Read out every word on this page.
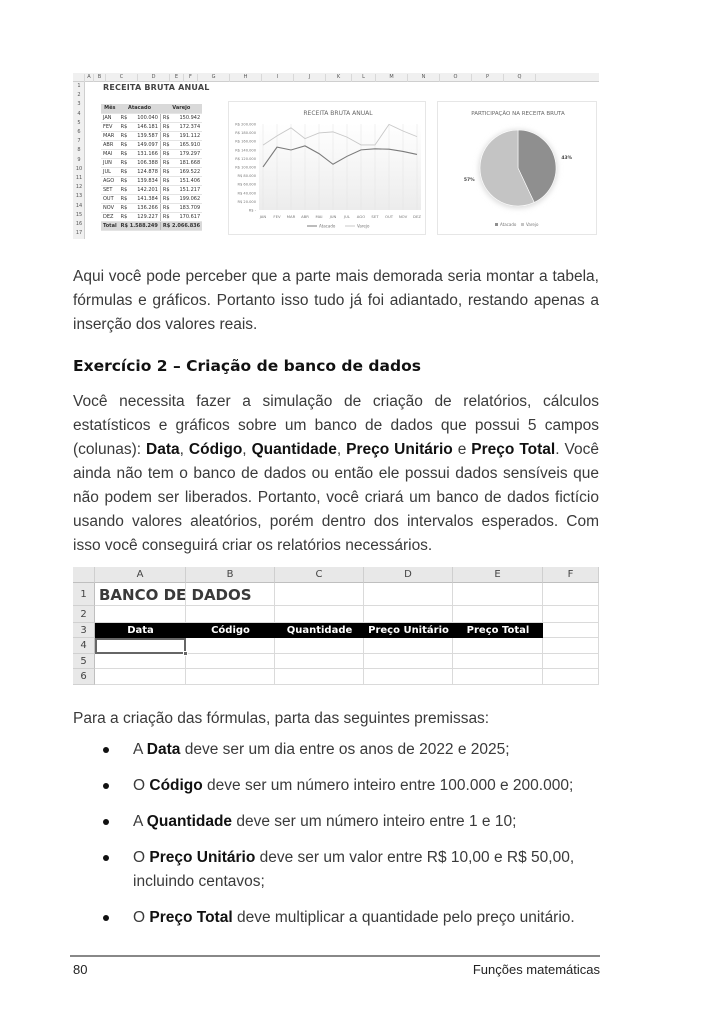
A	B	C	D	E	F	G	H	I	J	K	L	M	N	O	P	Q
1
2
3
4
5
6
7
8
9
10
11
12
13
14
15
16
17
RECEITA BRUTA ANUAL
Mês	Atacado		Varejo	
JAN	R$	100.040	R$	150.942
FEV	R$	146.181	R$	172.374
MAR	R$	139.587	R$	191.112
ABR	R$	149.097	R$	165.910
MAI	R$	131.166	R$	179.297
JUN	R$	106.388	R$	181.668
JUL	R$	124.878	R$	169.522
AGO	R$	139.834	R$	151.406
SET	R$	142.201	R$	151.217
OUT	R$	141.384	R$	199.062
NOV	R$	136.266	R$	183.709
DEZ	R$	129.227	R$	170.617
Total	R$ 1.588.249		R$ 2.066.836	
RECEITA BRUTA ANUAL
R$ 200.000
R$ 180.000
R$ 160.000
R$ 140.000
R$ 120.000
R$ 100.000
R$ 80.000
R$ 60.000
R$ 40.000
R$ 20.000
R$ -
JAN FEV MAR ABR MAI JUN JUL AGO SET OUT NOV DEZ
Atacado	Varejo
PARTICIPAÇÃO NA RECEITA BRUTA
43%
57%
Atacado Varejo

Aqui você pode perceber que a parte mais demorada seria montar a tabela, fórmulas e gráficos. Portanto isso tudo já foi adiantado, restando apenas a inserção dos valores reais.

Exercício 2 – Criação de banco de dados

Você necessita fazer a simulação de criação de relatórios, cálculos estatísticos e gráficos sobre um banco de dados que possui 5 campos (colunas): Data, Código, Quantidade, Preço Unitário e Preço Total. Você ainda não tem o banco de dados ou então ele possui dados sensíveis que não podem ser liberados. Portanto, você criará um banco de dados fictício usando valores aleatórios, porém dentro dos intervalos esperados. Com isso você conseguirá criar os relatórios necessários.

A	B	C	D	E	F
1
2
3
4
5
6
BANCO DE DADOS
Data	Código	Quantidade	Preço Unitário	Preço Total

Para a criação das fórmulas, parta das seguintes premissas:

A Data deve ser um dia entre os anos de 2022 e 2025;
O Código deve ser um número inteiro entre 100.000 e 200.000;
A Quantidade deve ser um número inteiro entre 1 e 10;
O Preço Unitário deve ser um valor entre R$ 10,00 e R$ 50,00, incluindo centavos;
O Preço Total deve multiplicar a quantidade pelo preço unitário.
80	Funções matemáticas
